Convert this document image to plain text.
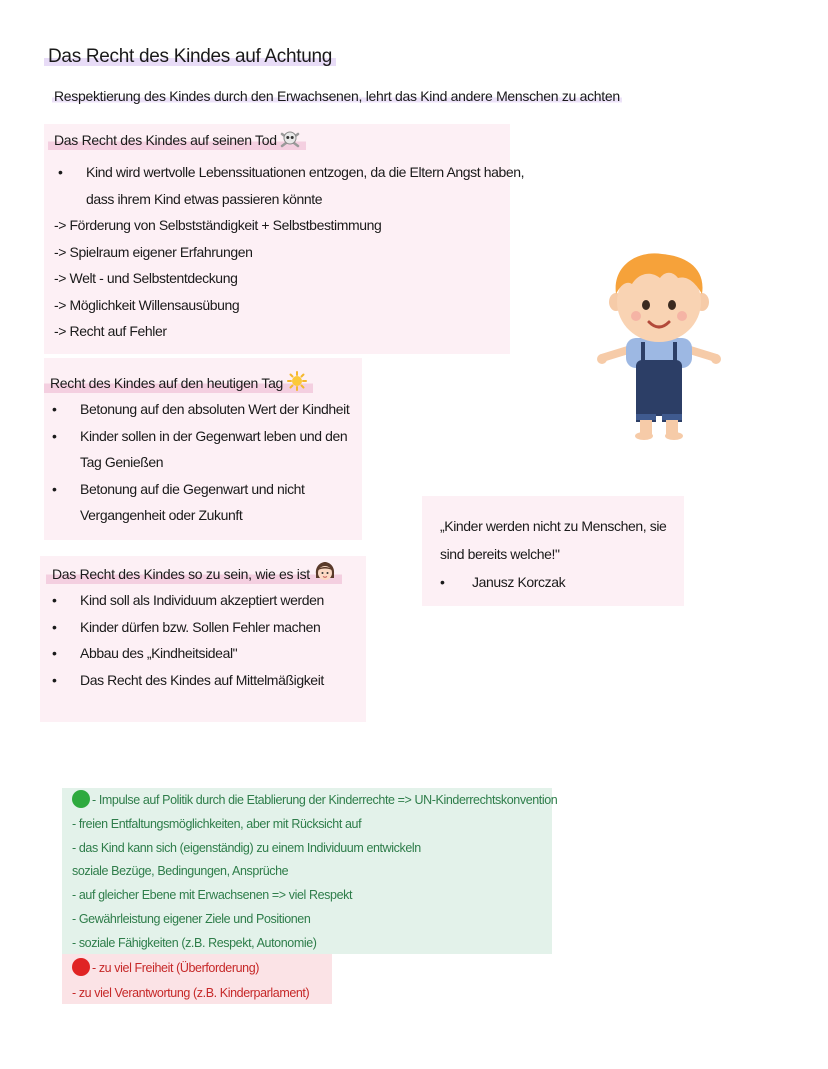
Das Recht des Kindes auf Achtung
Respektierung des Kindes durch den Erwachsenen, lehrt das Kind andere Menschen zu achten
Das Recht des Kindes auf seinen Tod
• Kind wird wertvolle Lebenssituationen entzogen, da die Eltern Angst haben,
dass ihrem Kind etwas passieren könnte
-> Förderung von Selbstständigkeit + Selbstbestimmung
-> Spielraum eigener Erfahrungen
-> Welt - und Selbstentdeckung
-> Möglichkeit Willensausübung
-> Recht auf Fehler
Recht des Kindes auf den heutigen Tag
• Betonung auf den absoluten Wert der Kindheit
• Kinder sollen in der Gegenwart leben und den
Tag Genießen
• Betonung auf die Gegenwart und nicht
Vergangenheit oder Zukunft
„Kinder werden nicht zu Menschen, sie
sind bereits welche!"
• Janusz Korczak
Das Recht des Kindes so zu sein, wie es ist
• Kind soll als Individuum akzeptiert werden
• Kinder dürfen bzw. Sollen Fehler machen
• Abbau des „Kindheitsideal"
• Das Recht des Kindes auf Mittelmäßigkeit
- Impulse auf Politik durch die Etablierung der Kinderrechte => UN-Kinderrechtskonvention
- freien Entfaltungsmöglichkeiten, aber mit Rücksicht auf
- das Kind kann sich (eigenständig) zu einem Individuum entwickeln
soziale Bezüge, Bedingungen, Ansprüche
- auf gleicher Ebene mit Erwachsenen => viel Respekt
- Gewährleistung eigener Ziele und Positionen
- soziale Fähigkeiten (z.B. Respekt, Autonomie)
- zu viel Freiheit (Überforderung)
- zu viel Verantwortung (z.B. Kinderparlament)
